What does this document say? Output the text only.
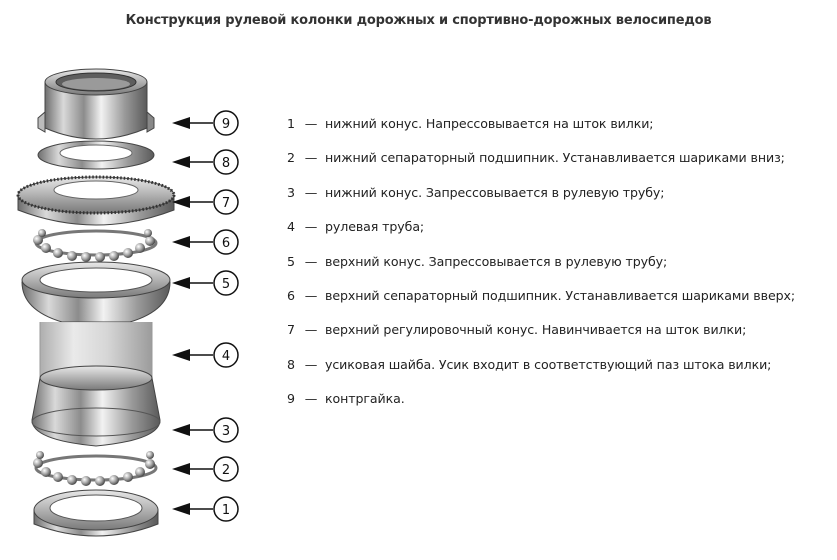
Конструкция рулевой колонки дорожных и спортивно-дорожных велосипедов
9
8
7
6
5
4
3
2
1
1 — нижний конус. Напрессовывается на шток вилки;
2 — нижний сепараторный подшипник. Устанавливается шариками вниз;
3 — нижний конус. Запрессовывается в рулевую трубу;
4 — рулевая труба;
5 — верхний конус. Запрессовывается в рулевую трубу;
6 — верхний сепараторный подшипник. Устанавливается шариками вверх;
7 — верхний регулировочный конус. Навинчивается на шток вилки;
8 — усиковая шайба. Усик входит в соответствующий паз штока вилки;
9 — контргайка.
